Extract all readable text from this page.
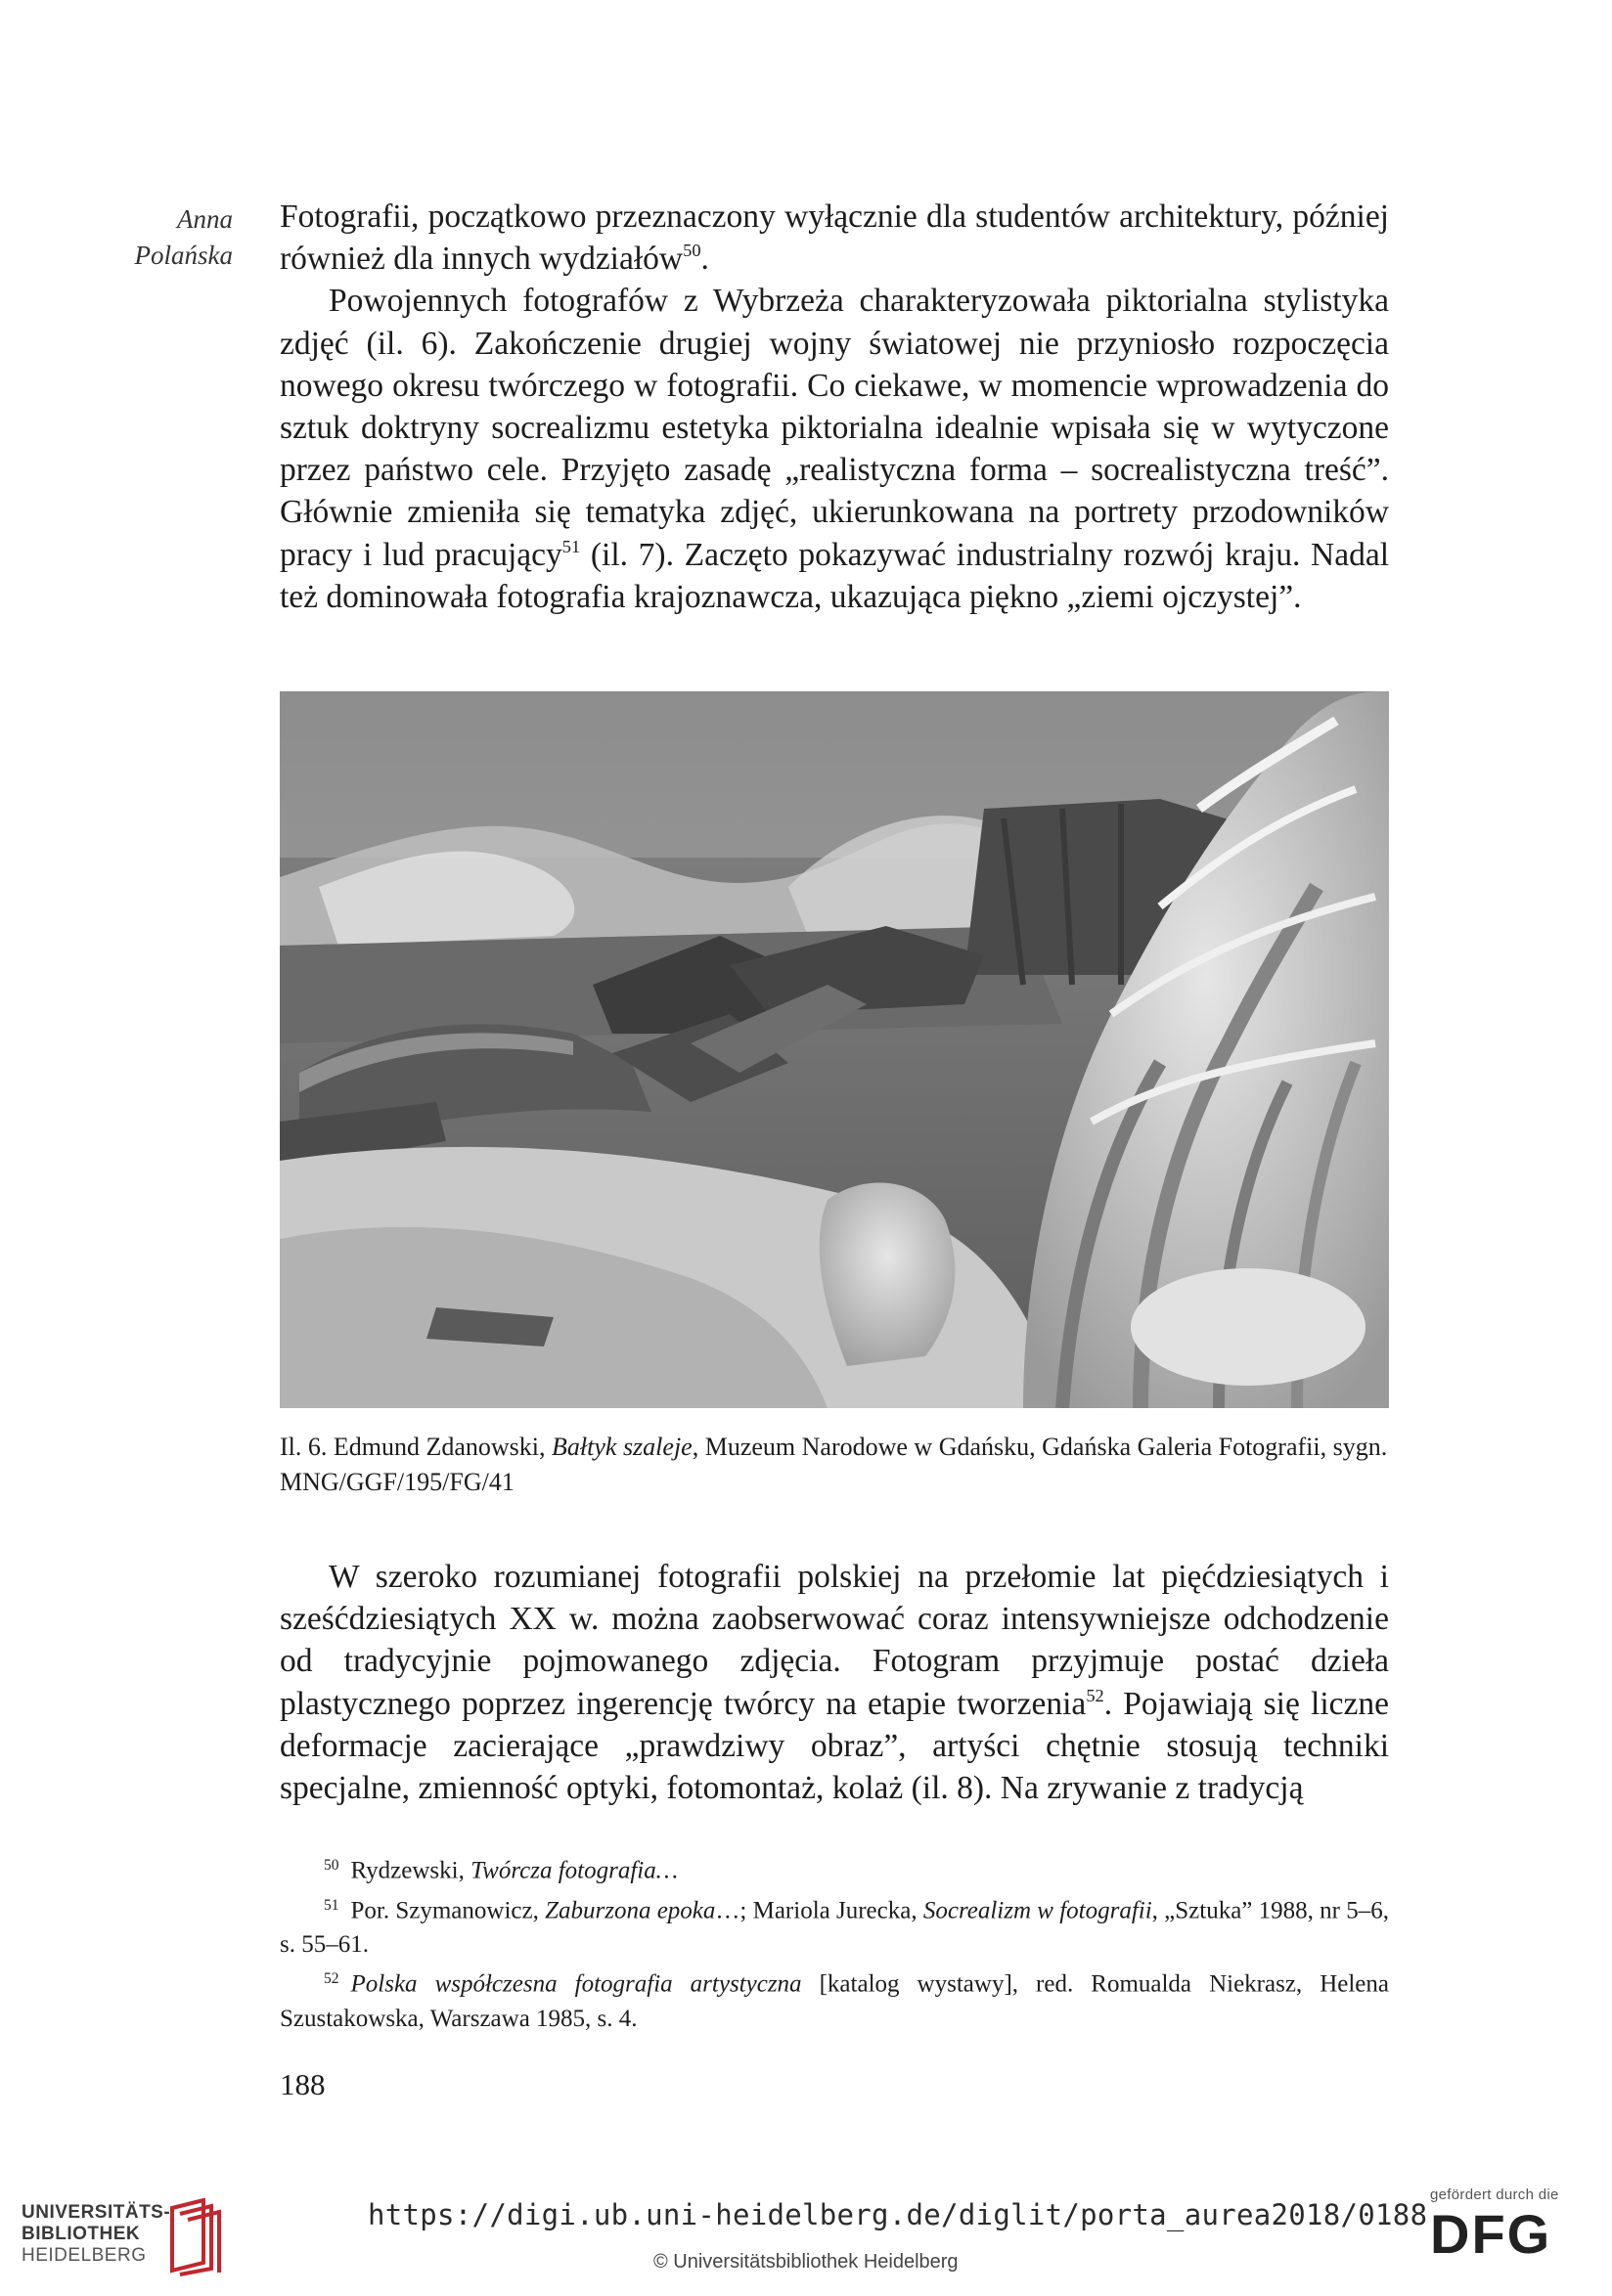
Anna
Polańska

Fotografii, początkowo przeznaczony wyłącznie dla studentów architektury, później również dla innych wydziałów$^{50}$.

Powojennych fotografów z Wybrzeża charakteryzowała piktorialna stylistyka zdjęć (il. 6). Zakończenie drugiej wojny światowej nie przyniosło rozpoczęcia nowego okresu twórczego w fotografii. Co ciekawe, w momencie wprowadzenia do sztuk doktryny socrealizmu estetyka piktorialna idealnie wpisała się w wytyczone przez państwo cele. Przyjęto zasadę „realistyczna forma – socrealistyczna treść”. Głównie zmieniła się tematyka zdjęć, ukierunkowana na portrety przodowników pracy i lud pracujący$^{51}$ (il. 7). Zaczęto pokazywać industrialny rozwój kraju. Nadal też dominowała fotografia krajoznawcza, ukazująca piękno „ziemi ojczystej”.

Il. 6. Edmund Zdanowski, Bałtyk szaleje, Muzeum Narodowe w Gdańsku, Gdańska Galeria Fotografii, sygn. MNG/GGF/195/FG/41

W szeroko rozumianej fotografii polskiej na przełomie lat pięćdziesiątych i sześćdziesiątych XX w. można zaobserwować coraz intensywniejsze odchodzenie od tradycyjnie pojmowanego zdjęcia. Fotogram przyjmuje postać dzieła plastycznego poprzez ingerencję twórcy na etapie tworzenia$^{52}$. Pojawiają się liczne deformacje zacierające „prawdziwy obraz”, artyści chętnie stosują techniki specjalne, zmienność optyki, fotomontaż, kolaż (il. 8). Na zrywanie z tradycją

$^{50}$ Rydzewski, Twórcza fotografia…

$^{51}$ Por. Szymanowicz, Zaburzona epoka…; Mariola Jurecka, Socrealizm w fotografii, „Sztuka” 1988, nr 5–6, s. 55–61.

$^{52}$ Polska współczesna fotografia artystyczna [katalog wystawy], red. Romualda Niekrasz, Helena Szustakowska, Warszawa 1985, s. 4.

188
UNIVERSITÄTS-
BIBLIOTHEK
HEIDELBERG
https://digi.ub.uni-heidelberg.de/diglit/porta_aurea2018/0188
© Universitätsbibliothek Heidelberg
gefördert durch die
DFG
